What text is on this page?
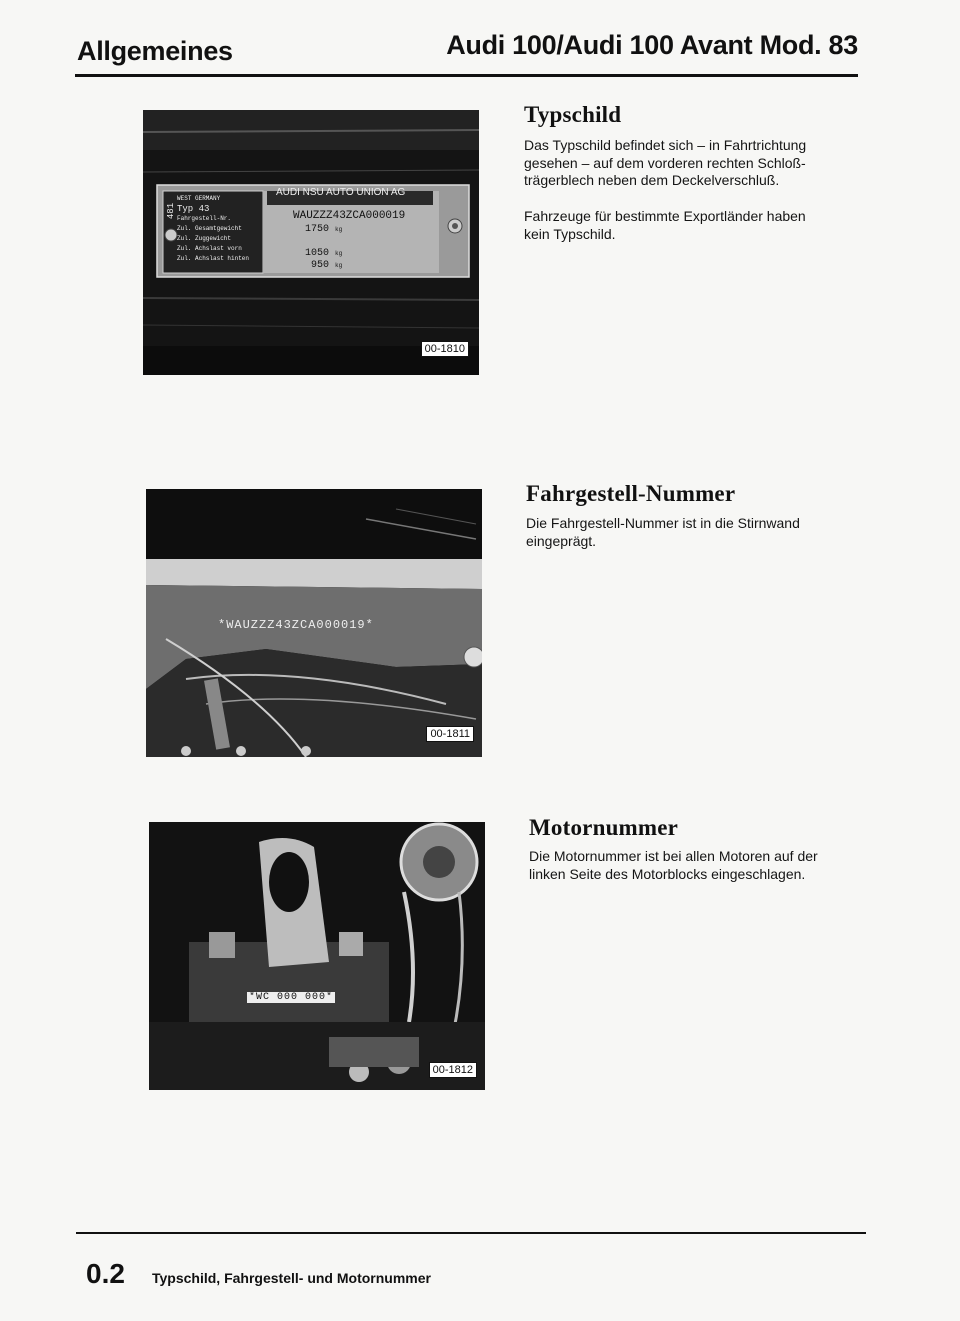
Allgemeines	Audi 100/Audi 100 Avant Mod. 83
481
WEST GERMANY
Typ 43
Fahrgestell-Nr.
Zul. Gesamtgewicht
Zul. Zuggewicht
Zul. Achslast vorn
Zul. Achslast hinten
AUDI NSU AUTO UNION AG
WAUZZZ43ZCA000019
1750 kg
1050 kg
950 kg
00-1810
Typschild
Das Typschild befindet sich – in Fahrtrichtung
gesehen – auf dem vorderen rechten Schloß-
trägerblech neben dem Deckelverschluß.
Fahrzeuge für bestimmte Exportländer haben
kein Typschild.
*WAUZZZ43ZCA000019*
00-1811
Fahrgestell-Nummer
Die Fahrgestell-Nummer ist in die Stirnwand
eingeprägt.
*WC 000 000*
00-1812
Motornummer
Die Motornummer ist bei allen Motoren auf der
linken Seite des Motorblocks eingeschlagen.
0.2 Typschild, Fahrgestell- und Motornummer
